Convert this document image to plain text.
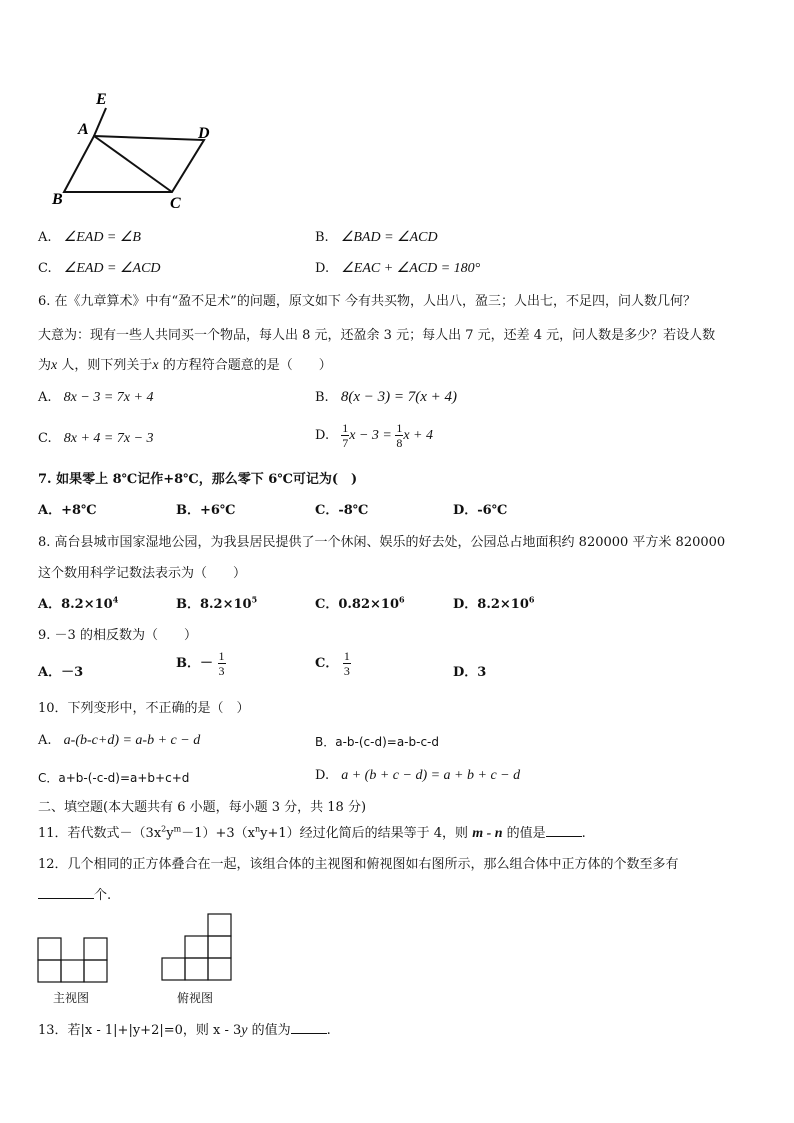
E
A	D
B	C
A. ∠EAD = ∠B	B. ∠BAD = ∠ACD
C. ∠EAD = ∠ACD	D. ∠EAC + ∠ACD = 180°
6. 在《九章算术》中有“盈不足术”的问题，原文如下 今有共买物，人出八，盈三；人出七，不足四，问人数几何？
大意为：现有一些人共同买一个物品，每人出 8 元，还盈余 3 元；每人出 7 元，还差 4 元，问人数是多少？若设人数
为x 人，则下列关于x 的方程符合题意的是（　　）
A. 8x − 3 = 7x + 4	B. 8(x − 3) = 7(x + 4)
C. 8x + 4 = 7x − 3	D. $\frac{1}{7}$ $x - 3 = \frac{1}{8}$ x + 4
7. 如果零上 8℃记作+8℃，那么零下 6℃可记为(　)
A．+8℃	B．+6℃	C．-8℃	D．-6℃
8. 高台县城市国家湿地公园，为我县居民提供了一个休闲、娱乐的好去处，公园总占地面积约 820000 平方米 820000
这个数用科学记数法表示为（　　）
A．$8.2\times 10^4$	B．$8.2\times 10^5$	C．$0.82\times 10^6$	D．$8.2\times 10^6$
9. －3 的相反数为（　　）
A．－3
B．－ $\frac{1}{3}$	C． $\frac{1}{3}$	D．3
10．下列变形中，不正确的是（　）
A. a-(b-c+d) = a-b + c − d	B．a-b-(c-d)=a-b-c-d
C．a+b-(-c-d)=a+b+c+d	D. a + (b + c − d) = a + b + c − d
二、填空题(本大题共有 6 小题，每小题 3 分，共 18 分)
11．若代数式$-(3x^2y^m-1)+3(x^ny+1)$经过化简后的结果等于 4，则 m - n 的值是	.
12．几个相同的正方体叠合在一起，该组合体的主视图和俯视图如右图所示，那么组合体中正方体的个数至多有
个.
主视图	俯视图
13．若|x - 1|+|y+2|=0，则 x - 3y 的值为	.
